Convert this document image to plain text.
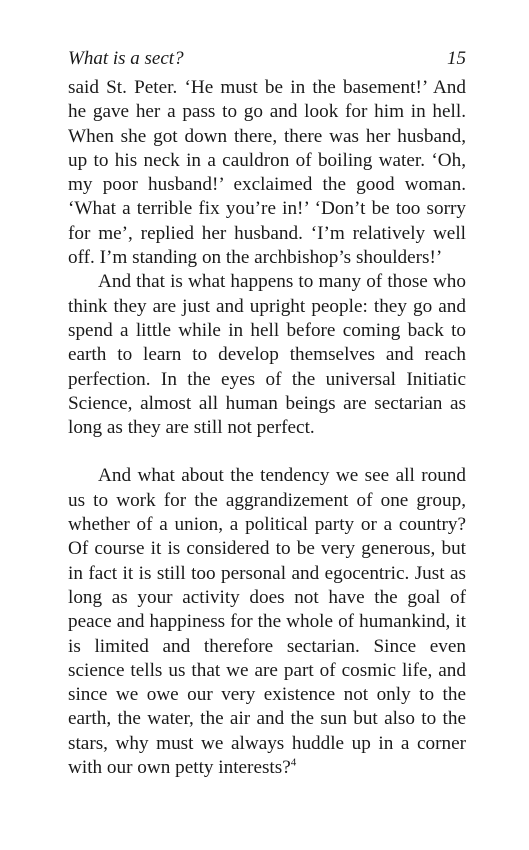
What is a sect?	15

said St. Peter. ‘He must be in the basement!’ And he gave her a pass to go and look for him in hell. When she got down there, there was her husband, up to his neck in a cauldron of boiling water. ‘Oh, my poor husband!’ exclaimed the good woman. ‘What a terrible fix you’re in!’ ‘Don’t be too sorry for me’, replied her husband. ‘I’m relatively well off. I’m standing on the archbishop’s shoulders!’

And that is what happens to many of those who think they are just and upright people: they go and spend a little while in hell before coming back to earth to learn to develop themselves and reach perfection. In the eyes of the universal Initiatic Science, almost all human beings are sectarian as long as they are still not perfect.

And what about the tendency we see all round us to work for the aggrandizement of one group, whether of a union, a political party or a country? Of course it is considered to be very generous, but in fact it is still too personal and egocentric. Just as long as your activity does not have the goal of peace and happiness for the whole of humankind, it is limited and therefore sectarian. Since even science tells us that we are part of cosmic life, and since we owe our very existence not only to the earth, the water, the air and the sun but also to the stars, why must we always huddle up in a corner with our own petty interests?$^4$
